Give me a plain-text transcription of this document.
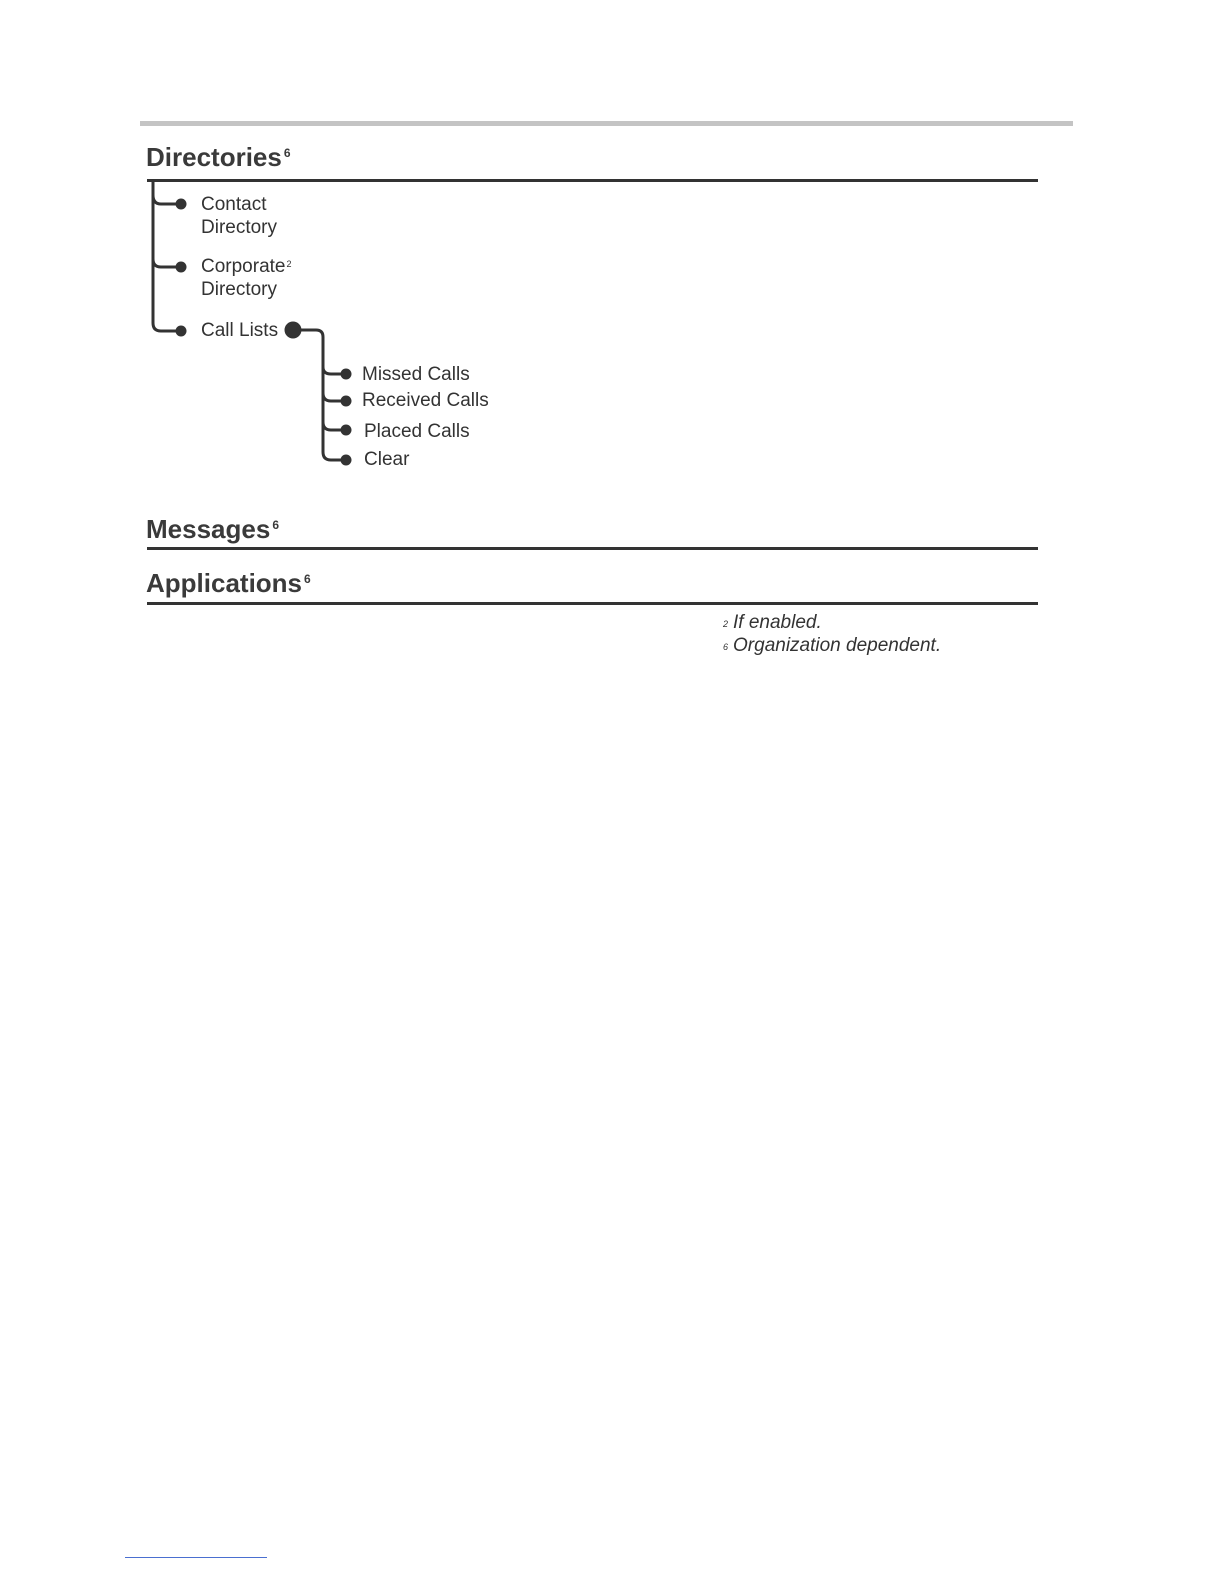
Directories $^6$
Contact
Directory
Corporate$^2$
Directory
Call Lists
Missed Calls
Received Calls
Placed Calls
Clear
Messages $^6$
Applications $^6$
$^2$ If enabled.
$^6$ Organization dependent.
